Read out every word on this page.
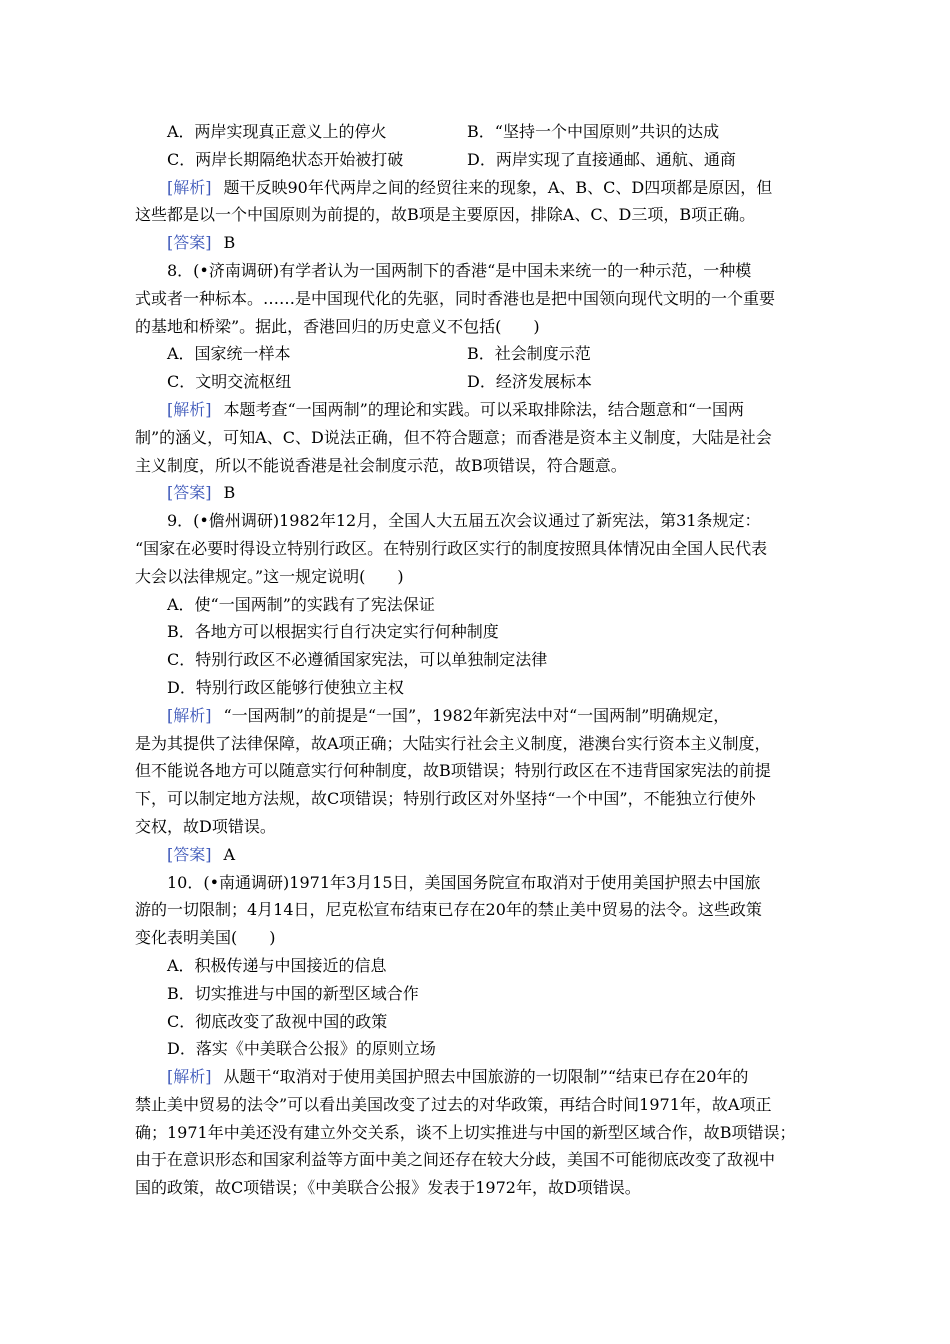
A．两岸实现真正意义上的停火	B．“坚持一个中国原则”共识的达成
C．两岸长期隔绝状态开始被打破	D．两岸实现了直接通邮、通航、通商
[解析] 题干反映90年代两岸之间的经贸往来的现象，A、B、C、D四项都是原因，但
这些都是以一个中国原则为前提的，故B项是主要原因，排除A、C、D三项，B项正确。
[答案] B
8．(•济南调研)有学者认为一国两制下的香港“是中国未来统一的一种示范，一种模
式或者一种标本。……是中国现代化的先驱，同时香港也是把中国领向现代文明的一个重要
的基地和桥梁”。据此，香港回归的历史意义不包括(　　)
A．国家统一样本	B．社会制度示范
C．文明交流枢纽	D．经济发展标本
[解析] 本题考查“一国两制”的理论和实践。可以采取排除法，结合题意和“一国两
制”的涵义，可知A、C、D说法正确，但不符合题意；而香港是资本主义制度，大陆是社会
主义制度，所以不能说香港是社会制度示范，故B项错误，符合题意。
[答案] B
9．(•儋州调研)1982年12月，全国人大五届五次会议通过了新宪法，第31条规定：
“国家在必要时得设立特别行政区。在特别行政区实行的制度按照具体情况由全国人民代表
大会以法律规定。”这一规定说明(　　)
A．使“一国两制”的实践有了宪法保证
B．各地方可以根据实行自行决定实行何种制度
C．特别行政区不必遵循国家宪法，可以单独制定法律
D．特别行政区能够行使独立主权
[解析] “一国两制”的前提是“一国”，1982年新宪法中对“一国两制”明确规定，
是为其提供了法律保障，故A项正确；大陆实行社会主义制度，港澳台实行资本主义制度，
但不能说各地方可以随意实行何种制度，故B项错误；特别行政区在不违背国家宪法的前提
下，可以制定地方法规，故C项错误；特别行政区对外坚持“一个中国”，不能独立行使外
交权，故D项错误。
[答案] A
10．(•南通调研)1971年3月15日，美国国务院宣布取消对于使用美国护照去中国旅
游的一切限制；4月14日，尼克松宣布结束已存在20年的禁止美中贸易的法令。这些政策
变化表明美国(　　)
A．积极传递与中国接近的信息
B．切实推进与中国的新型区域合作
C．彻底改变了敌视中国的政策
D．落实《中美联合公报》的原则立场
[解析] 从题干“取消对于使用美国护照去中国旅游的一切限制”“结束已存在20年的
禁止美中贸易的法令”可以看出美国改变了过去的对华政策，再结合时间1971年，故A项正
确；1971年中美还没有建立外交关系，谈不上切实推进与中国的新型区域合作，故B项错误；
由于在意识形态和国家利益等方面中美之间还存在较大分歧，美国不可能彻底改变了敌视中
国的政策，故C项错误；《中美联合公报》发表于1972年，故D项错误。
